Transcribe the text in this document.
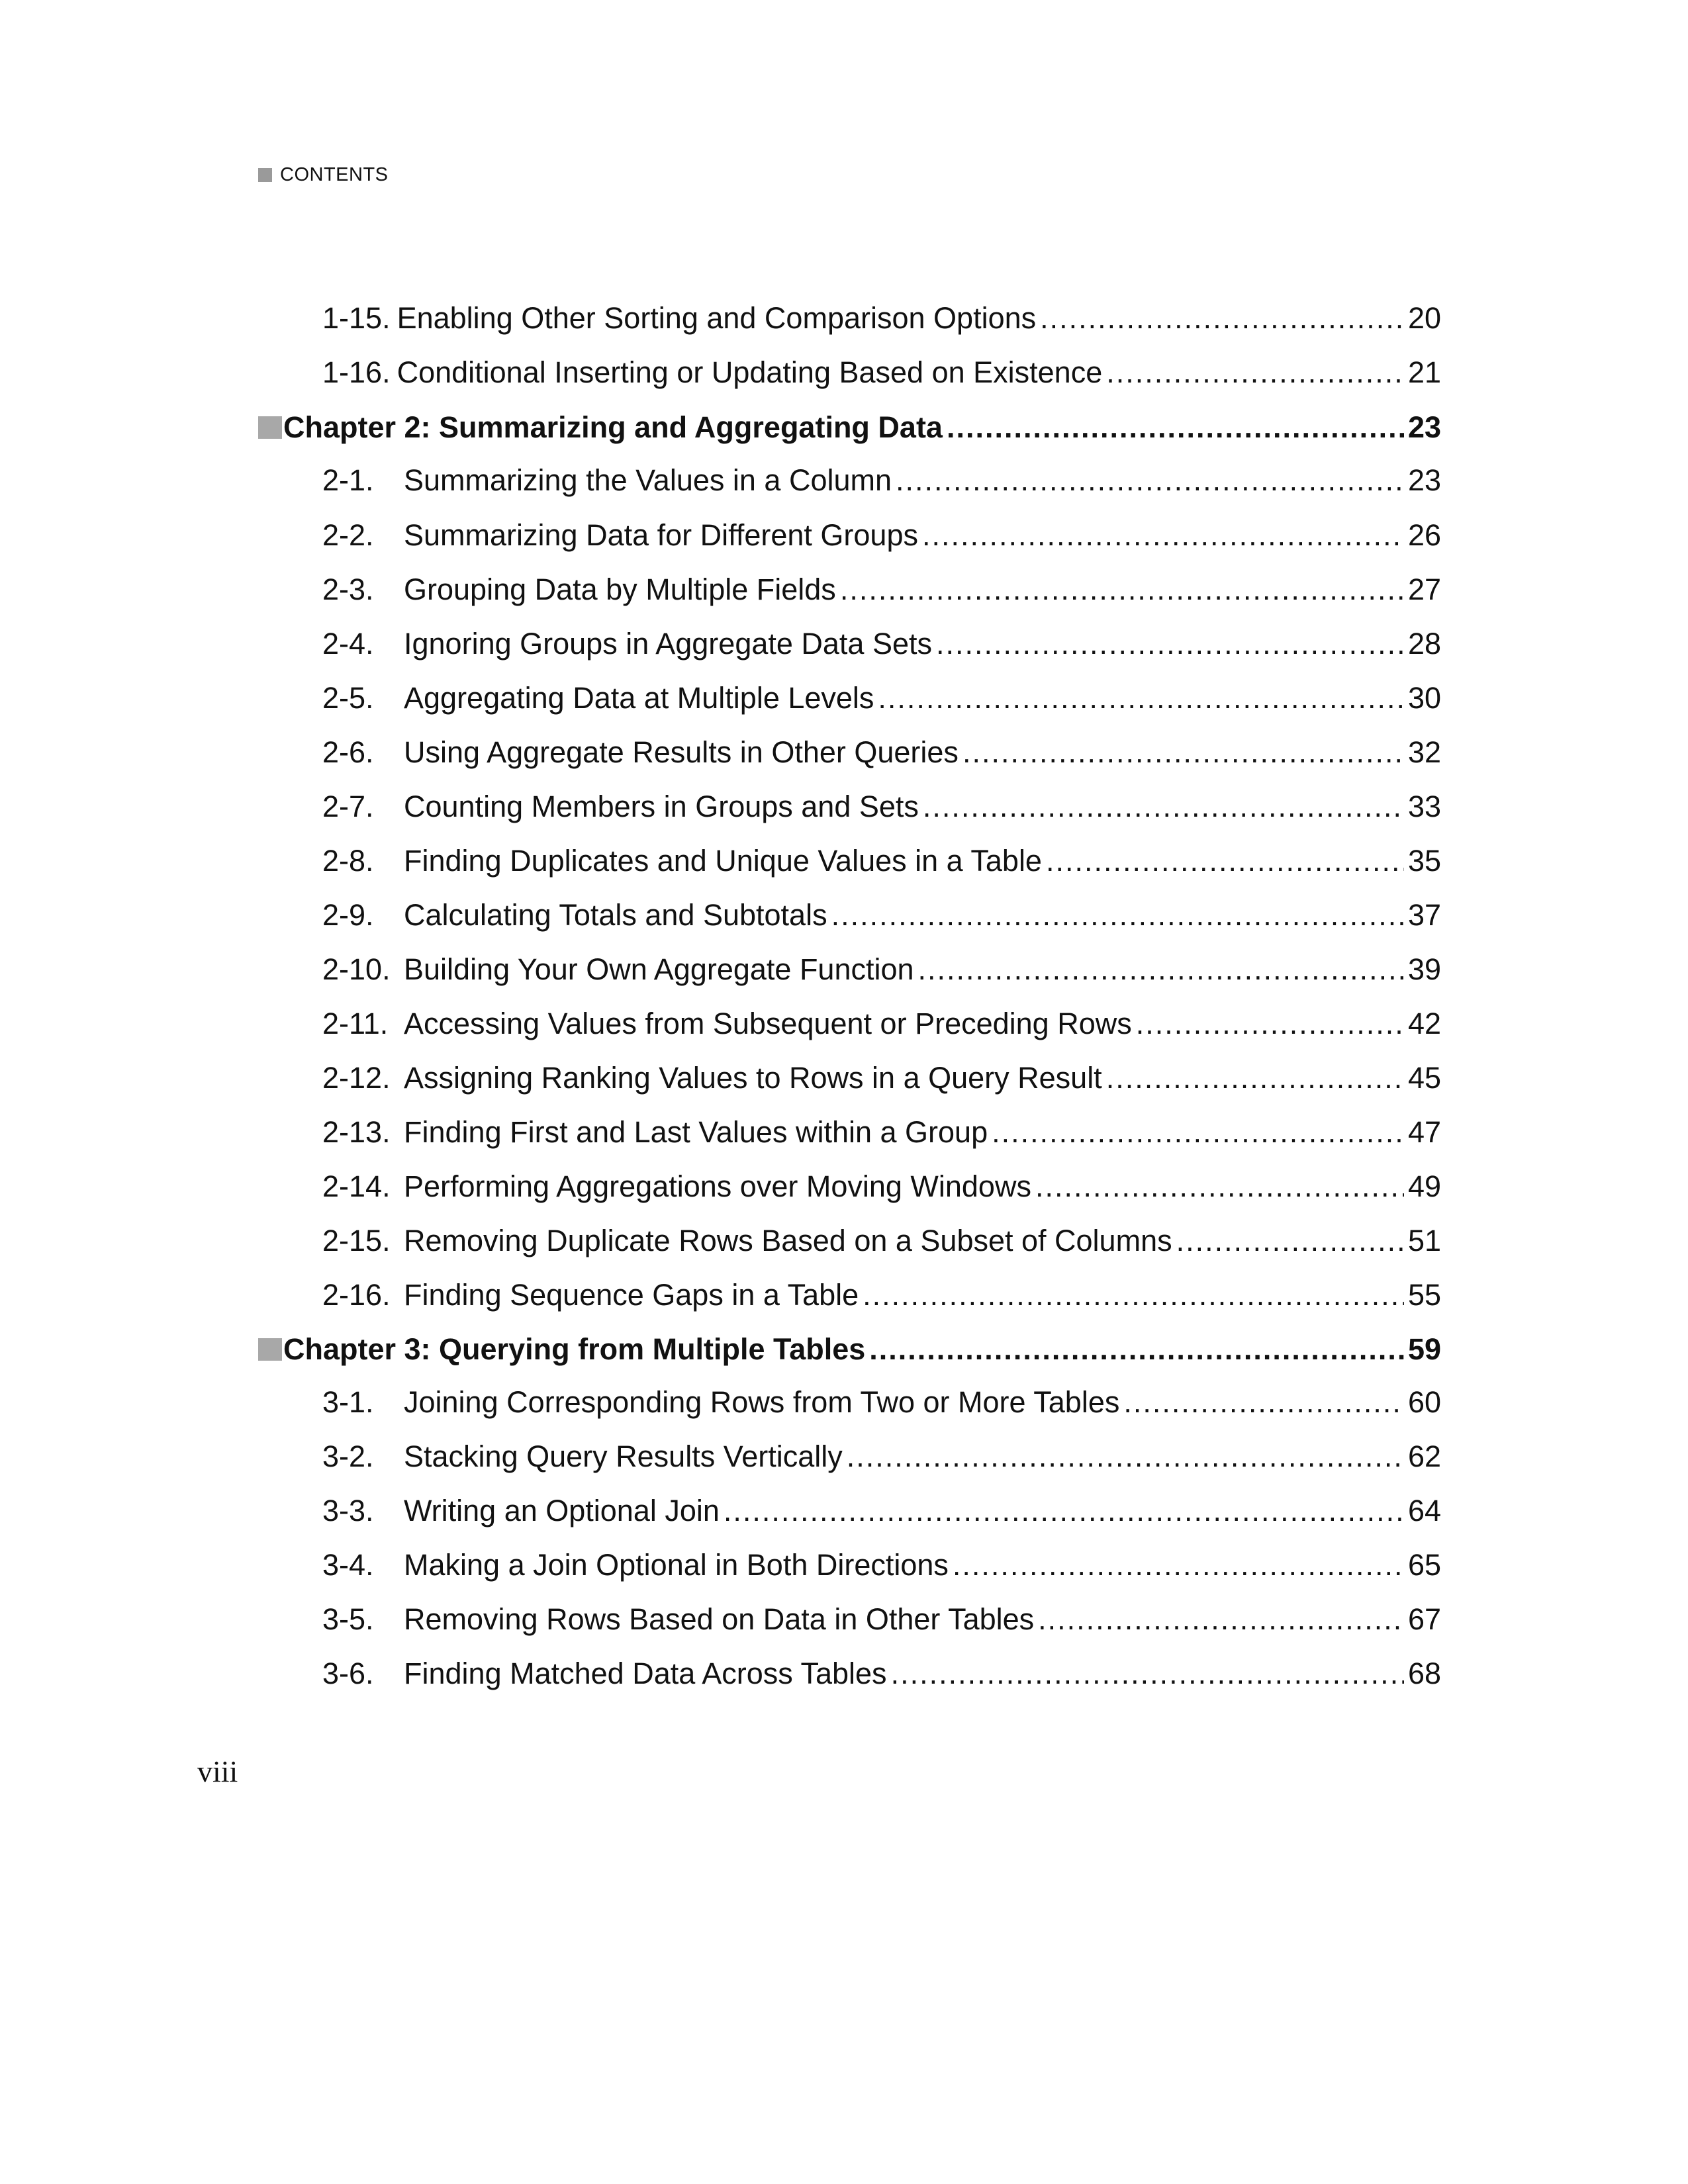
CONTENTS
1-15. Enabling Other Sorting and Comparison Options .....	20
1-16. Conditional Inserting or Updating Based on Existence .....	21
Chapter 2: Summarizing and Aggregating Data .....	23
2-1.	Summarizing the Values in a Column .....	23
2-2.	Summarizing Data for Different Groups .....	26
2-3.	Grouping Data by Multiple Fields .....	27
2-4.	Ignoring Groups in Aggregate Data Sets .....	28
2-5.	Aggregating Data at Multiple Levels .....	30
2-6.	Using Aggregate Results in Other Queries .....	32
2-7.	Counting Members in Groups and Sets .....	33
2-8.	Finding Duplicates and Unique Values in a Table .....	35
2-9.	Calculating Totals and Subtotals .....	37
2-10. Building Your Own Aggregate Function .....	39
2-11. Accessing Values from Subsequent or Preceding Rows .....	42
2-12. Assigning Ranking Values to Rows in a Query Result .....	45
2-13. Finding First and Last Values within a Group .....	47
2-14. Performing Aggregations over Moving Windows .....	49
2-15. Removing Duplicate Rows Based on a Subset of Columns .....	51
2-16. Finding Sequence Gaps in a Table .....	55
Chapter 3: Querying from Multiple Tables .....	59
3-1.	Joining Corresponding Rows from Two or More Tables .....	60
3-2.	Stacking Query Results Vertically .....	62
3-3.	Writing an Optional Join .....	64
3-4.	Making a Join Optional in Both Directions .....	65
3-5.	Removing Rows Based on Data in Other Tables .....	67
3-6.	Finding Matched Data Across Tables .....	68
viii
